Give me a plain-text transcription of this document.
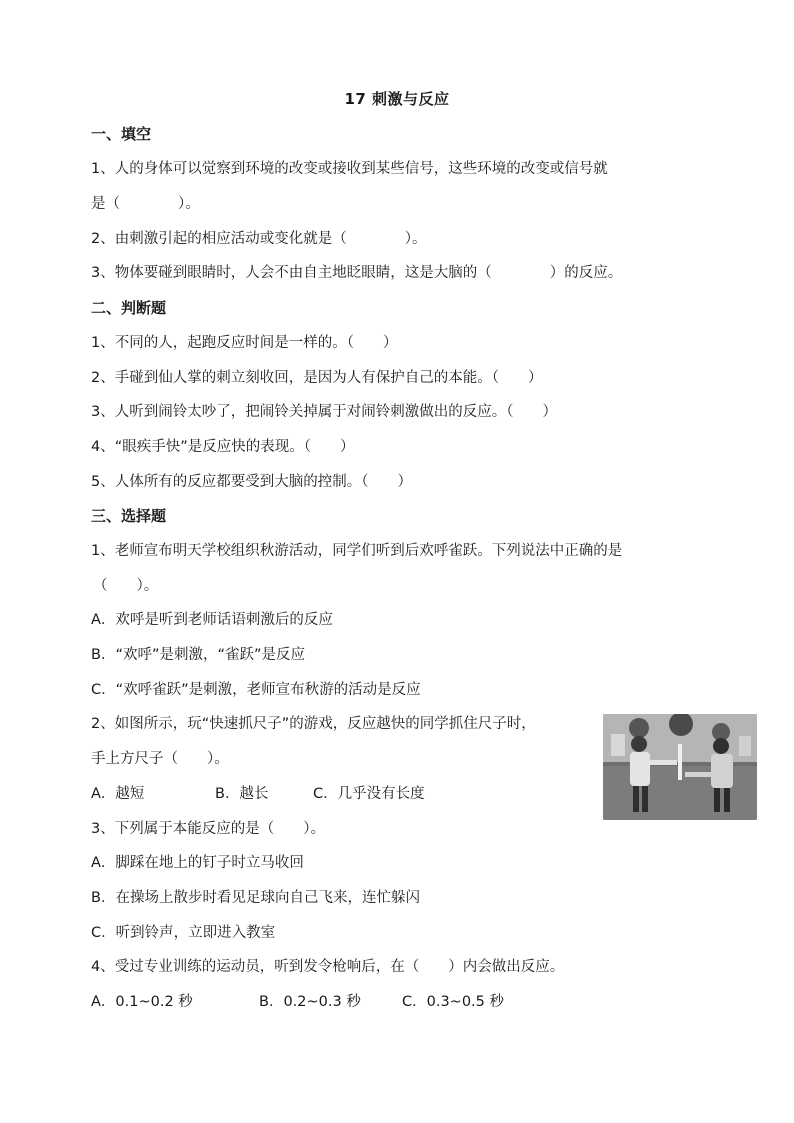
17 刺激与反应
一、填空
1、人的身体可以觉察到环境的改变或接收到某些信号，这些环境的改变或信号就
是（　　　　）。
2、由刺激引起的相应活动或变化就是（　　　　）。
3、物体要碰到眼睛时，人会不由自主地眨眼睛，这是大脑的（　　　　）的反应。
二、判断题
1、不同的人，起跑反应时间是一样的。（　　）
2、手碰到仙人掌的刺立刻收回，是因为人有保护自己的本能。（　　）
3、人听到闹铃太吵了，把闹铃关掉属于对闹铃刺激做出的反应。（　　）
4、“眼疾手快”是反应快的表现。（　　）
5、人体所有的反应都要受到大脑的控制。（　　）
三、选择题
1、老师宣布明天学校组织秋游活动，同学们听到后欢呼雀跃。下列说法中正确的是
（　　）。
A．欢呼是听到老师话语刺激后的反应
B．“欢呼”是刺激，“雀跃”是反应
C．“欢呼雀跃”是刺激，老师宣布秋游的活动是反应
2、如图所示，玩“快速抓尺子”的游戏，反应越快的同学抓住尺子时，
手上方尺子（　　）。
A．越短	B．越长	C．几乎没有长度
3、下列属于本能反应的是（　　）。
A．脚踩在地上的钉子时立马收回
B．在操场上散步时看见足球向自己飞来，连忙躲闪
C．听到铃声，立即进入教室
4、受过专业训练的运动员，听到发令枪响后，在（　　）内会做出反应。
A．0.1~0.2 秒	B．0.2~0.3 秒	C．0.3~0.5 秒
